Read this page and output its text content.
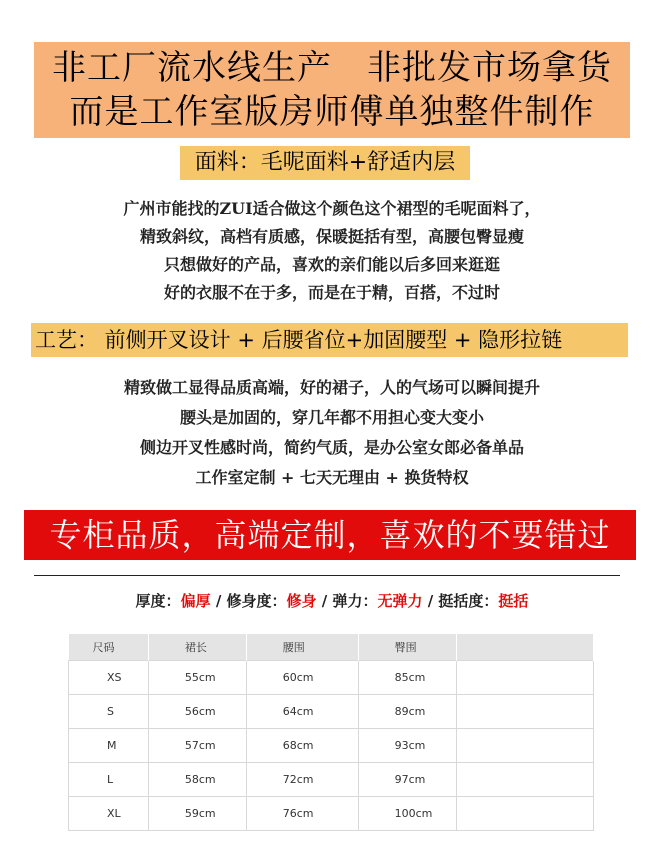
非工厂流水线生产　非批发市场拿货
而是工作室版房师傅单独整件制作
面料：毛呢面料+舒适内层
广州市能找的ZUI适合做这个颜色这个裙型的毛呢面料了，
精致斜纹，高档有质感，保暖挺括有型，高腰包臀显瘦
只想做好的产品，喜欢的亲们能以后多回来逛逛
好的衣服不在于多，而是在于精，百搭，不过时
工艺： 前侧开叉设计 + 后腰省位+加固腰型 + 隐形拉链
精致做工显得品质高端，好的裙子，人的气场可以瞬间提升
腰头是加固的，穿几年都不用担心变大变小
侧边开叉性感时尚，简约气质，是办公室女郎必备单品
工作室定制 + 七天无理由 + 换货特权
专柜品质，高端定制，喜欢的不要错过
厚度：偏厚 / 修身度：修身 / 弹力：无弹力 / 挺括度：挺括
尺码	裙长	腰围	臀围	
XS	55cm	60cm	85cm	
S	56cm	64cm	89cm	
M	57cm	68cm	93cm	
L	58cm	72cm	97cm	
XL	59cm	76cm	100cm	
